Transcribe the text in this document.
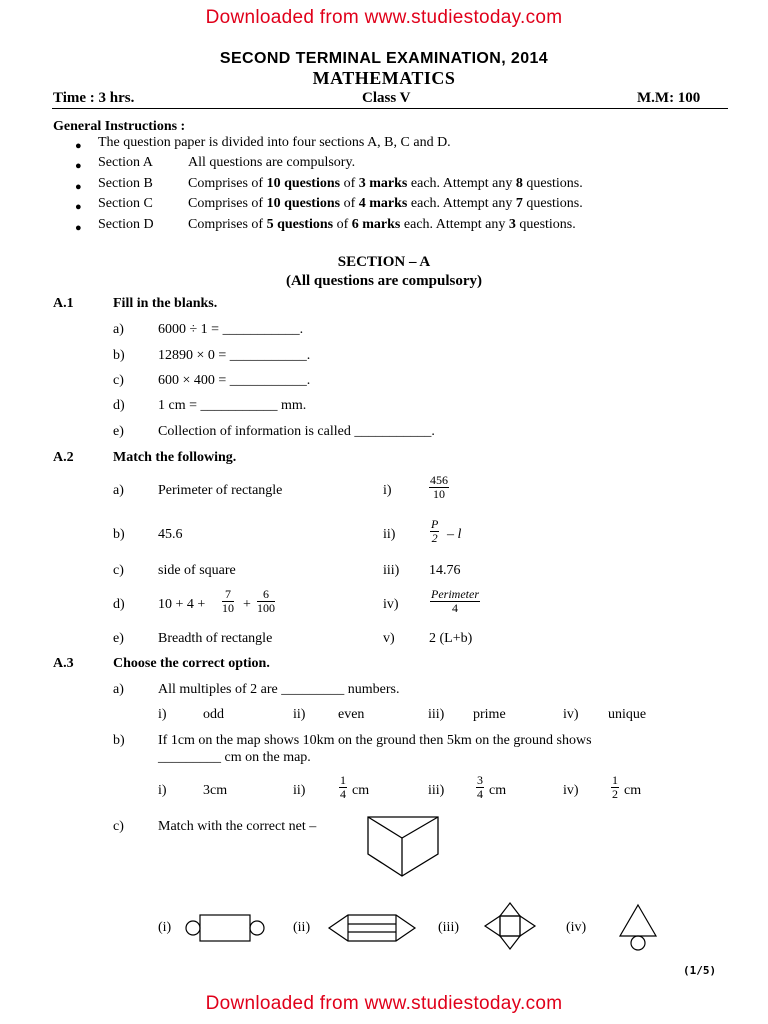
Downloaded from www.studiestoday.com
SECOND TERMINAL EXAMINATION, 2014
MATHEMATICS
Time : 3 hrs.	Class V	M.M: 100
General Instructions :
● The question paper is divided into four sections A, B, C and D.
● Section A	All questions are compulsory.
● Section B	Comprises of 10 questions of 3 marks each. Attempt any 8 questions.
● Section C	Comprises of 10 questions of 4 marks each. Attempt any 7 questions.
● Section D Comprises of 5 questions of 6 marks each. Attempt any 3 questions.
SECTION – A
(All questions are compulsory)
A.1	Fill in the blanks.
a) 6000 ÷ 1 = ___________.
b) 12890 × 0 = ___________.
c) 600 × 400 = ___________.
d) 1 cm = ___________ mm.
e) Collection of information is called ___________.
A.2	Match the following.
a) Perimeter of rectangle	i)	$\frac{456}{10}$
b) 45.6	ii)	$\frac{P}{2}$ – l
c) side of square	iii) 14.76
d) $10 + 4 + \frac{7}{10} + \frac{6}{100}$	iv)
Perimeter
4
e) Breadth of rectangle	v) 2 (L+b)
A.3	Choose the correct option.
a) All multiples of 2 are _________ numbers.
i)	odd	ii) even	iii) prime	iv) unique
b) If 1cm on the map shows 10km on the ground then 5km on the ground shows
_________ cm on the map.
i)	3cm	ii)	$\frac{1}{4}$ cm	iii)	$\frac{3}{4}$ cm	iv)	$\frac{1}{2}$ cm
c) Match with the correct net –
(i)	(ii)	(iii)	(iv)
(1/5)
Downloaded from www.studiestoday.com
